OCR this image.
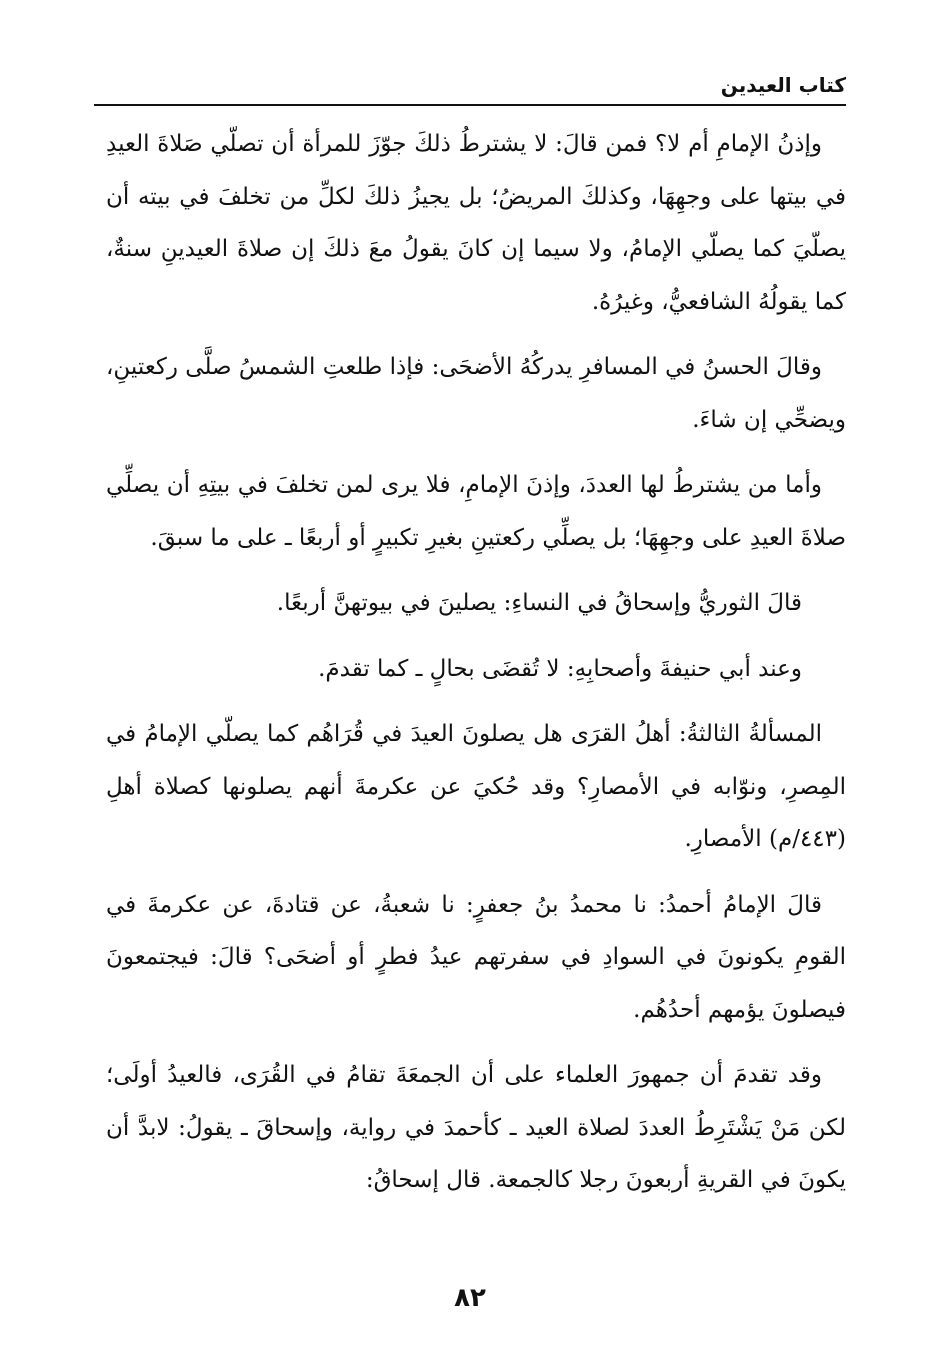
كتاب العيدين

وإذنُ الإمامِ أم لا؟ فمن قالَ: لا يشترطُ ذلكَ جوّزَ للمرأة أن تصلّي صَلاةَ العيدِ في بيتها على وجهِهَا، وكذلكَ المريضُ؛ بل يجيزُ ذلكَ لكلِّ من تخلفَ في بيته أن يصلّيَ كما يصلّي الإمامُ، ولا سيما إن كانَ يقولُ معَ ذلكَ إن صلاةَ العيدينِ سنةٌ، كما يقولُهُ الشافعيُّ، وغيرُهُ.

وقالَ الحسنُ في المسافرِ يدركُهُ الأضحَى: فإذا طلعتِ الشمسُ صلَّى ركعتينِ، ويضحِّي إن شاءَ.

وأما من يشترطُ لها العددَ، وإذنَ الإمامِ، فلا يرى لمن تخلفَ في بيتِهِ أن يصلِّي صلاةَ العيدِ على وجهِهَا؛ بل يصلِّي ركعتينِ بغيرِ تكبيرٍ أو أربعًا ـ على ما سبقَ.

قالَ الثوريُّ وإسحاقُ في النساءِ: يصلينَ في بيوتهنَّ أربعًا.

وعند أبي حنيفةَ وأصحابِهِ: لا تُقضَى بحالٍ ـ كما تقدمَ.

المسألةُ الثالثةُ: أهلُ القرَى هل يصلونَ العيدَ في قُرَاهُم كما يصلّي الإمامُ في المِصرِ، ونوّابه في الأمصارِ؟ وقد حُكيَ عن عكرمةَ أنهم يصلونها كصلاة أهلِ (٤٤٣/م) الأمصارِ.

قالَ الإمامُ أحمدُ: نا محمدُ بنُ جعفرٍ: نا شعبةُ، عن قتادةَ، عن عكرمةَ في القومِ يكونونَ في السوادِ في سفرتهم عيدُ فطرٍ أو أضحَى؟ قالَ: فيجتمعونَ فيصلونَ يؤمهم أحدُهُم.

وقد تقدمَ أن جمهورَ العلماء على أن الجمعَةَ تقامُ في القُرَى، فالعيدُ أولَى؛ لكن مَنْ يَشْتَرِطُ العددَ لصلاة العيد ـ كأحمدَ في رواية، وإسحاقَ ـ يقولُ: لابدَّ أن يكونَ في القريةِ أربعونَ رجلا كالجمعة. قال إسحاقُ:

٨٢
